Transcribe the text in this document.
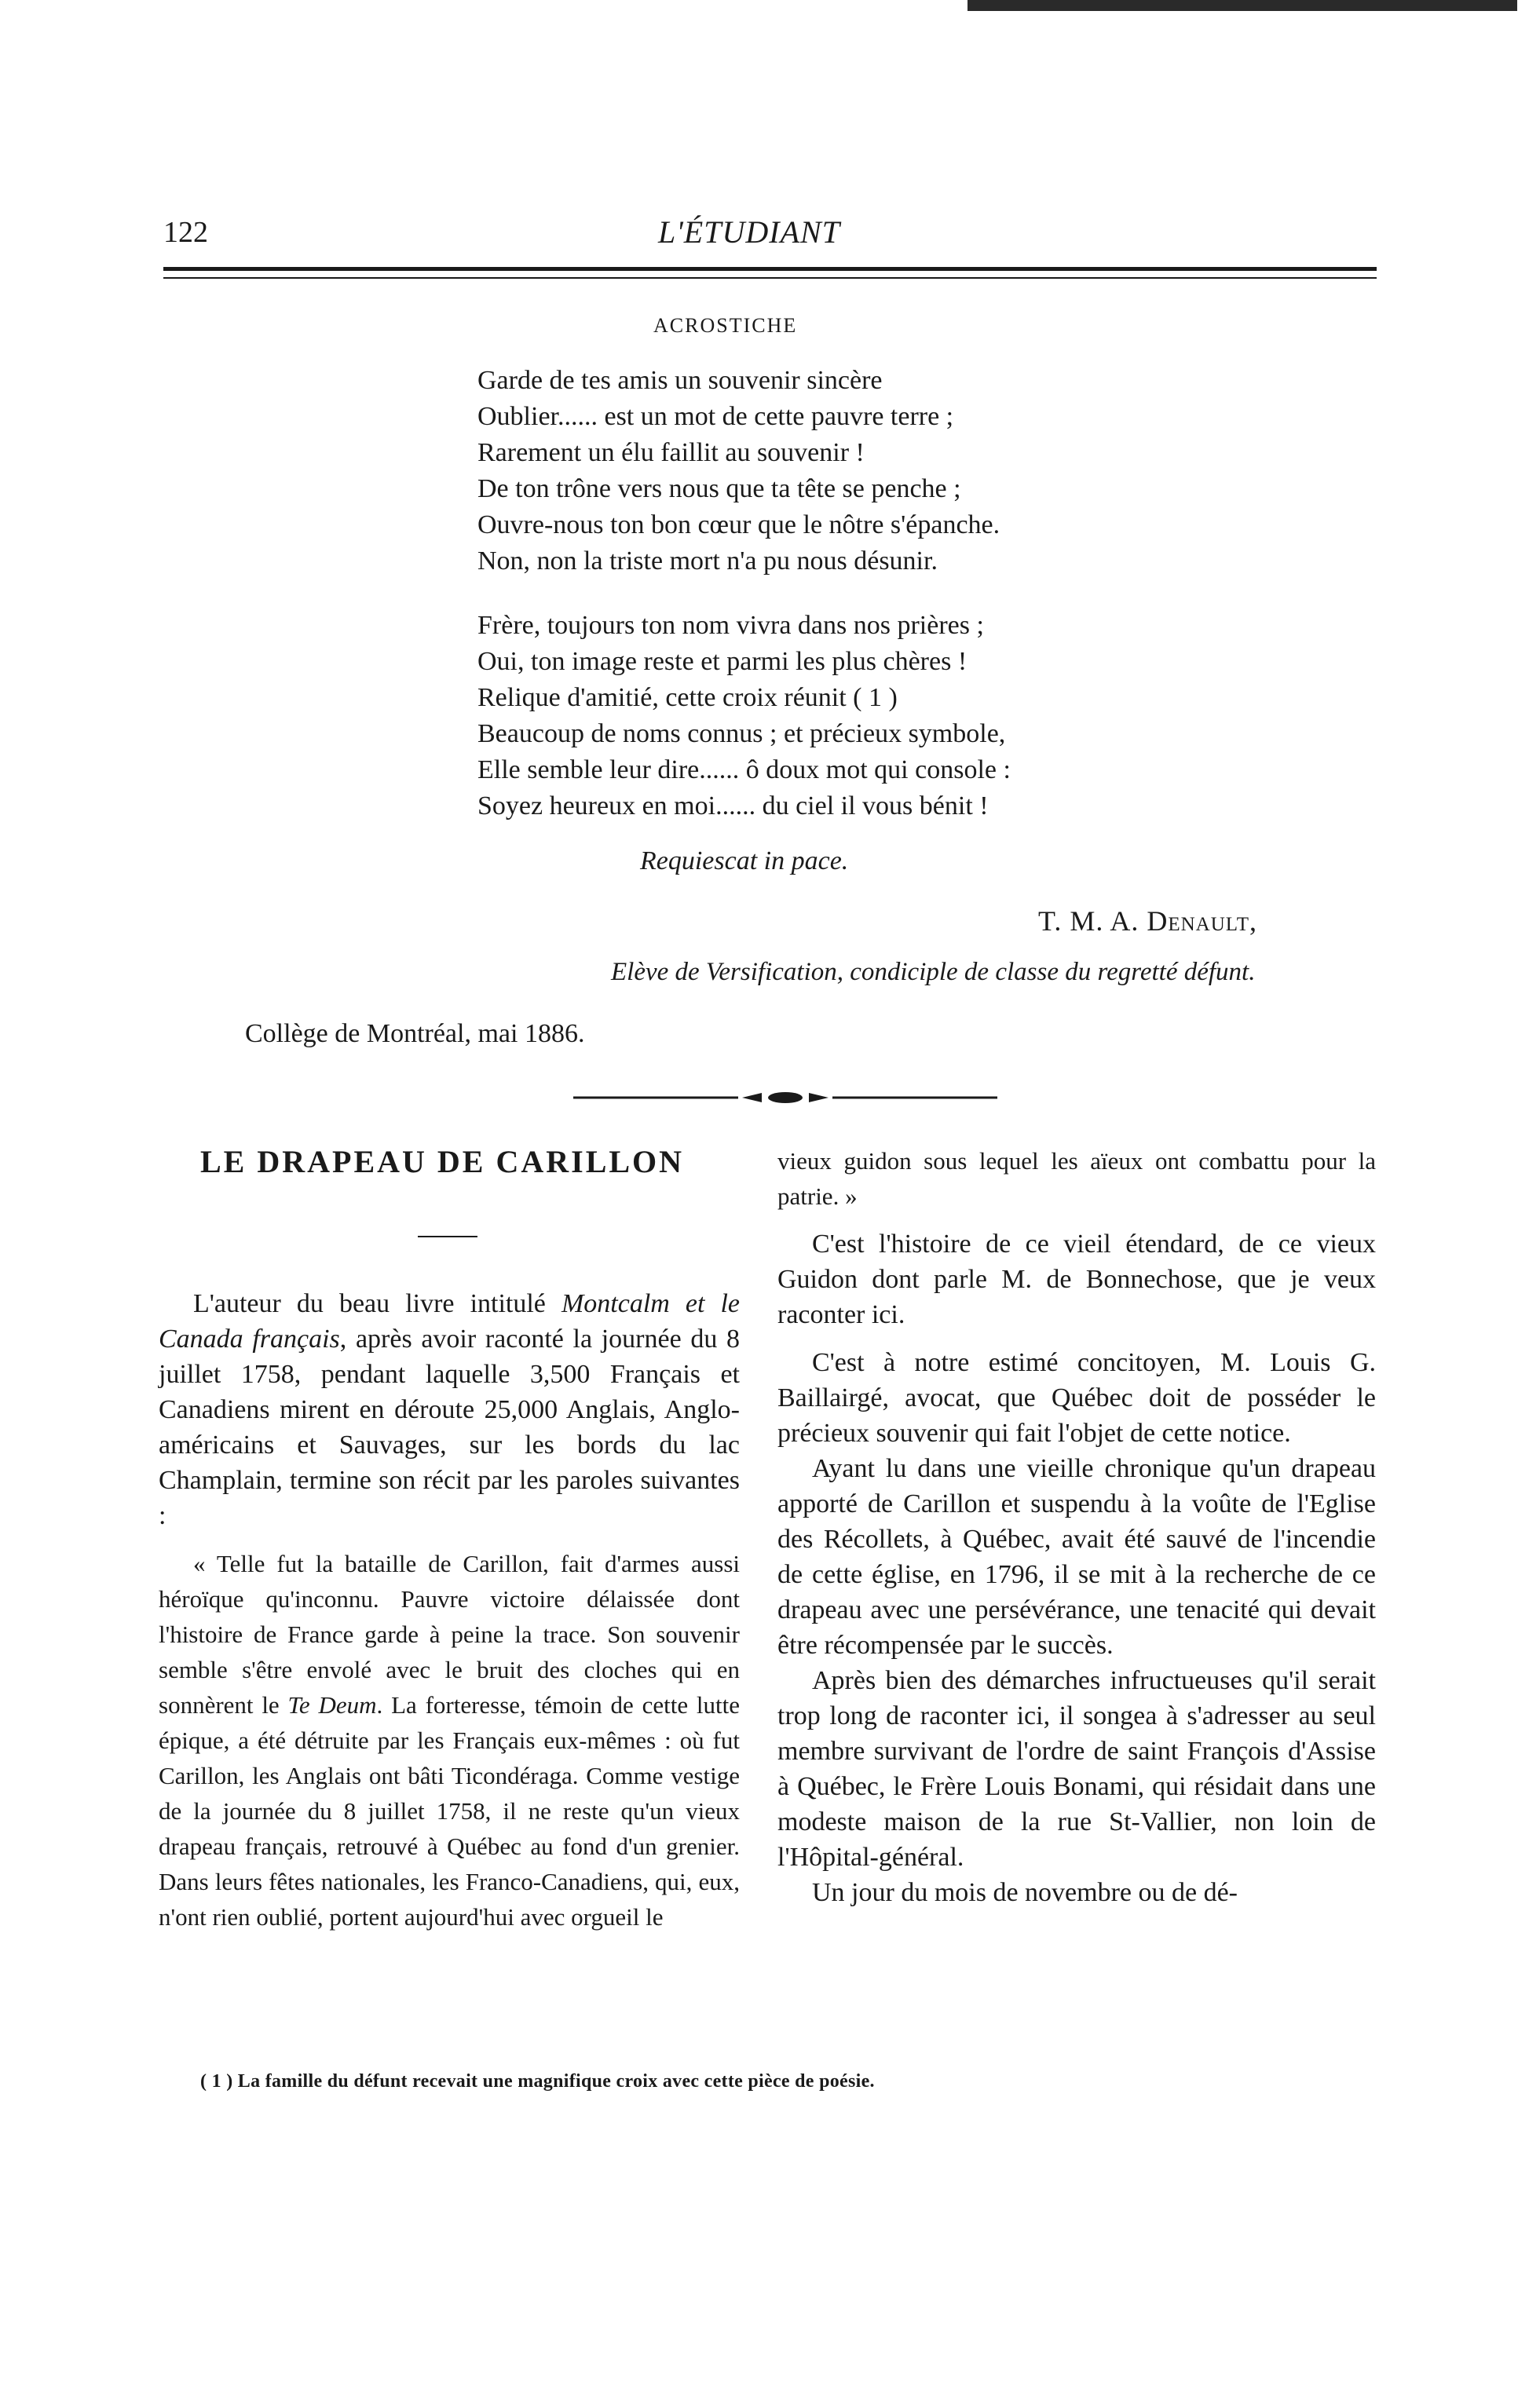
122	L'ÉTUDIANT
ACROSTICHE
Garde de tes amis un souvenir sincère
Oublier...... est un mot de cette pauvre terre ;
Rarement un élu faillit au souvenir !
De ton trône vers nous que ta tête se penche ;
Ouvre-nous ton bon cœur que le nôtre s'épanche.
Non, non la triste mort n'a pu nous désunir.
Frère, toujours ton nom vivra dans nos prières ;
Oui, ton image reste et parmi les plus chères !
Relique d'amitié, cette croix réunit ( 1 )
Beaucoup de noms connus ; et précieux symbole,
Elle semble leur dire...... ô doux mot qui console :
Soyez heureux en moi...... du ciel il vous bénit !
Requiescat in pace.
T. M. A. Denault,
Elève de Versification, condiciple de classe du regretté défunt.
Collège de Montréal, mai 1886.
LE DRAPEAU DE CARILLON

L'auteur du beau livre intitulé Montcalm et le Canada français, après avoir raconté la journée du 8 juillet 1758, pendant laquelle 3,500 Français et Canadiens mirent en déroute 25,000 Anglais, Anglo-américains et Sauvages, sur les bords du lac Champlain, termine son récit par les paroles suivantes :

« Telle fut la bataille de Carillon, fait d'armes aussi héroïque qu'inconnu. Pauvre victoire délaissée dont l'histoire de France garde à peine la trace. Son souvenir semble s'être envolé avec le bruit des cloches qui en sonnèrent le Te Deum. La forteresse, témoin de cette lutte épique, a été détruite par les Français eux-mêmes : où fut Carillon, les Anglais ont bâti Ticondéraga. Comme vestige de la journée du 8 juillet 1758, il ne reste qu'un vieux drapeau français, retrouvé à Québec au fond d'un grenier. Dans leurs fêtes nationales, les Franco-Canadiens, qui, eux, n'ont rien oublié, portent aujourd'hui avec orgueil le

vieux guidon sous lequel les aïeux ont combattu pour la patrie. »

C'est l'histoire de ce vieil étendard, de ce vieux Guidon dont parle M. de Bonnechose, que je veux raconter ici.

C'est à notre estimé concitoyen, M. Louis G. Baillairgé, avocat, que Québec doit de posséder le précieux souvenir qui fait l'objet de cette notice.

Ayant lu dans une vieille chronique qu'un drapeau apporté de Carillon et suspendu à la voûte de l'Eglise des Récollets, à Québec, avait été sauvé de l'incendie de cette église, en 1796, il se mit à la recherche de ce drapeau avec une persévérance, une tenacité qui devait être récompensée par le succès.

Après bien des démarches infructueuses qu'il serait trop long de raconter ici, il songea à s'adresser au seul membre survivant de l'ordre de saint François d'Assise à Québec, le Frère Louis Bonami, qui résidait dans une modeste maison de la rue St-Vallier, non loin de l'Hôpital-général.

Un jour du mois de novembre ou de dé-

( 1 ) La famille du défunt recevait une magnifique croix avec cette pièce de poésie.
